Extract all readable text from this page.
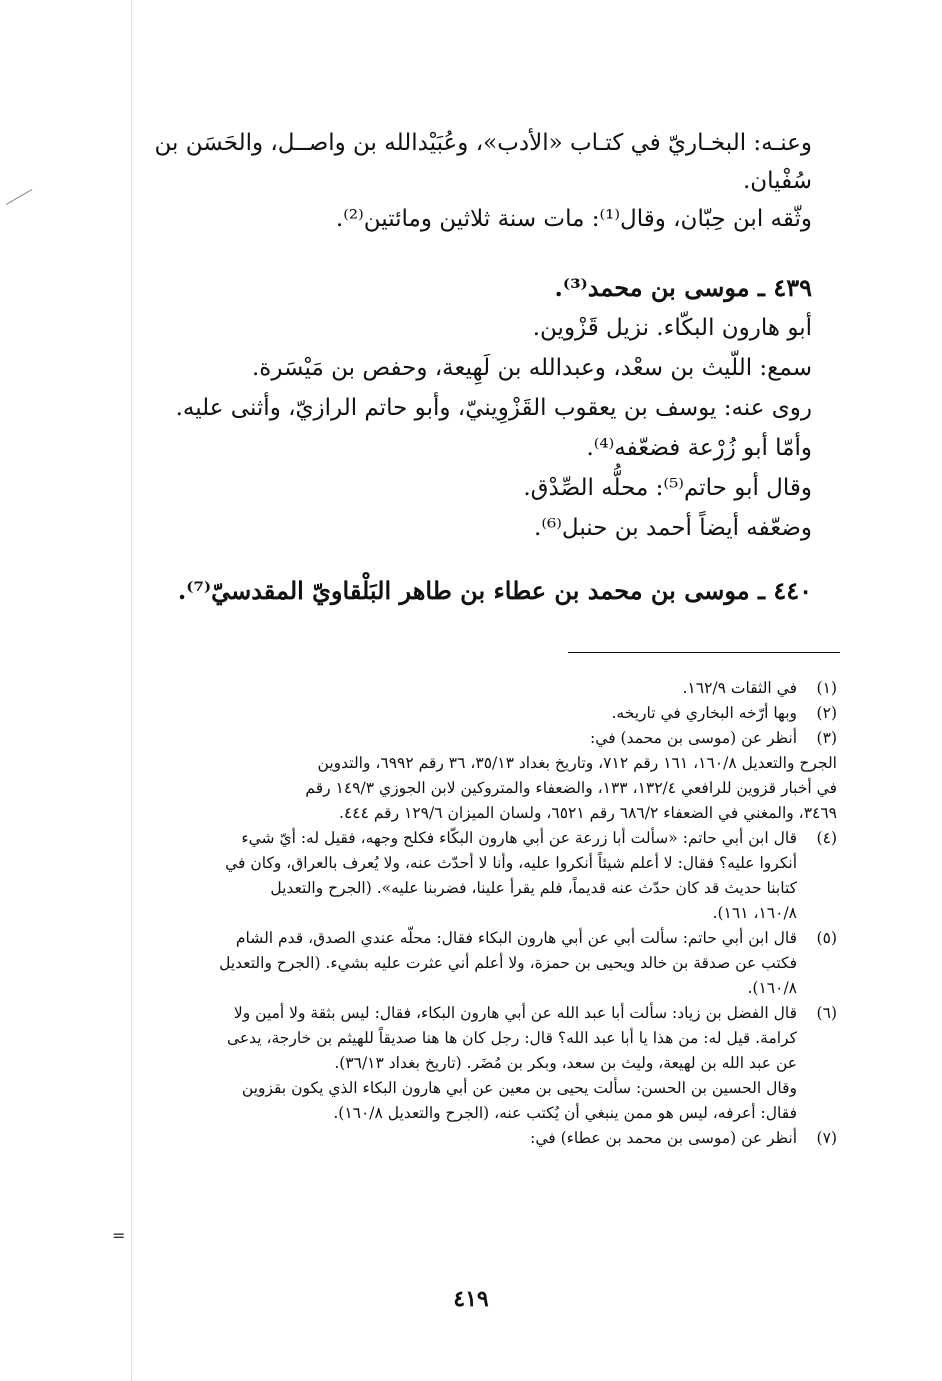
=
وعنـه: البخـاريّ في كتـاب «الأدب»، وعُبَيْدالله بن واصــل، والحَسَن بن
سُفْيان.
وثّقه ابن حِبّان، وقال⁽¹⁾: مات سنة ثلاثين ومائتين⁽²⁾.
٤٣٩ ـ موسى بن محمد⁽³⁾.
أبو هارون البكّاء. نزيل قَزْوين.
سمع: اللّيث بن سعْد، وعبدالله بن لَهِيعة، وحفص بن مَيْسَرة.
روى عنه: يوسف بن يعقوب القَزْوِينيّ، وأبو حاتم الرازيّ، وأثنى عليه.
وأمّا أبو زُرْعة فضعّفه⁽⁴⁾.
وقال أبو حاتم⁽⁵⁾: محلُّه الصِّدْق.
وضعّفه أيضاً أحمد بن حنبل⁽⁶⁾.
٤٤٠ ـ موسى بن محمد بن عطاء بن طاهر البَلْقاويّ المقدسيّ⁽⁷⁾.
(١)
في الثقات ١٦٢/٩.
(٢)
وبها أرّخه البخاري في تاريخه.
(٣)
أنظر عن (موسى بن محمد) في:
الجرح والتعديل ١٦٠/٨، ١٦١ رقم ٧١٢، وتاريخ بغداد ٣٥/١٣، ٣٦ رقم ٦٩٩٢، والتدوين
في أخبار قزوين للرافعي ١٣٢/٤، ١٣٣، والضعفاء والمتروكين لابن الجوزي ١٤٩/٣ رقم
٣٤٦٩، والمغني في الضعفاء ٦٨٦/٢ رقم ٦٥٢١، ولسان الميزان ١٢٩/٦ رقم ٤٤٤.
(٤)
قال ابن أبي حاتم: «سألت أبا زرعة عن أبي هارون البكّاء فكلح وجهه، فقيل له: أيّ شيء
أنكروا عليه؟ فقال: لا أعلم شيئاً أنكروا عليه، وأنا لا أحدّث عنه، ولا يُعرف بالعراق، وكان في
كتابنا حديث قد كان حدّث عنه قديماً، فلم يقرأ علينا، فضربنا عليه». (الجرح والتعديل
١٦٠/٨، ١٦١).
(٥)
قال ابن أبي حاتم: سألت أبي عن أبي هارون البكاء فقال: محلّه عندي الصدق، قدم الشام
فكتب عن صدقة بن خالد ويحيى بن حمزة، ولا أعلم أني عثرت عليه بشيء. (الجرح والتعديل
١٦٠/٨).
(٦)
قال الفضل بن زياد: سألت أبا عبد الله عن أبي هارون البكاء، فقال: ليس بثقة ولا أمين ولا
كرامة. قيل له: من هذا يا أبا عبد الله؟ قال: رجل كان ها هنا صديقاً للهيثم بن خارجة، يدعى
عن عبد الله بن لهيعة، وليث بن سعد، وبكر بن مُضَر. (تاريخ بغداد ٣٦/١٣).
وقال الحسين بن الحسن: سألت يحيى بن معين عن أبي هارون البكاء الذي يكون بقزوين
فقال: أعرفه، ليس هو ممن ينبغي أن يُكتب عنه، (الجرح والتعديل ١٦٠/٨).
(٧)
أنظر عن (موسى بن محمد بن عطاء) في:
٤١٩
